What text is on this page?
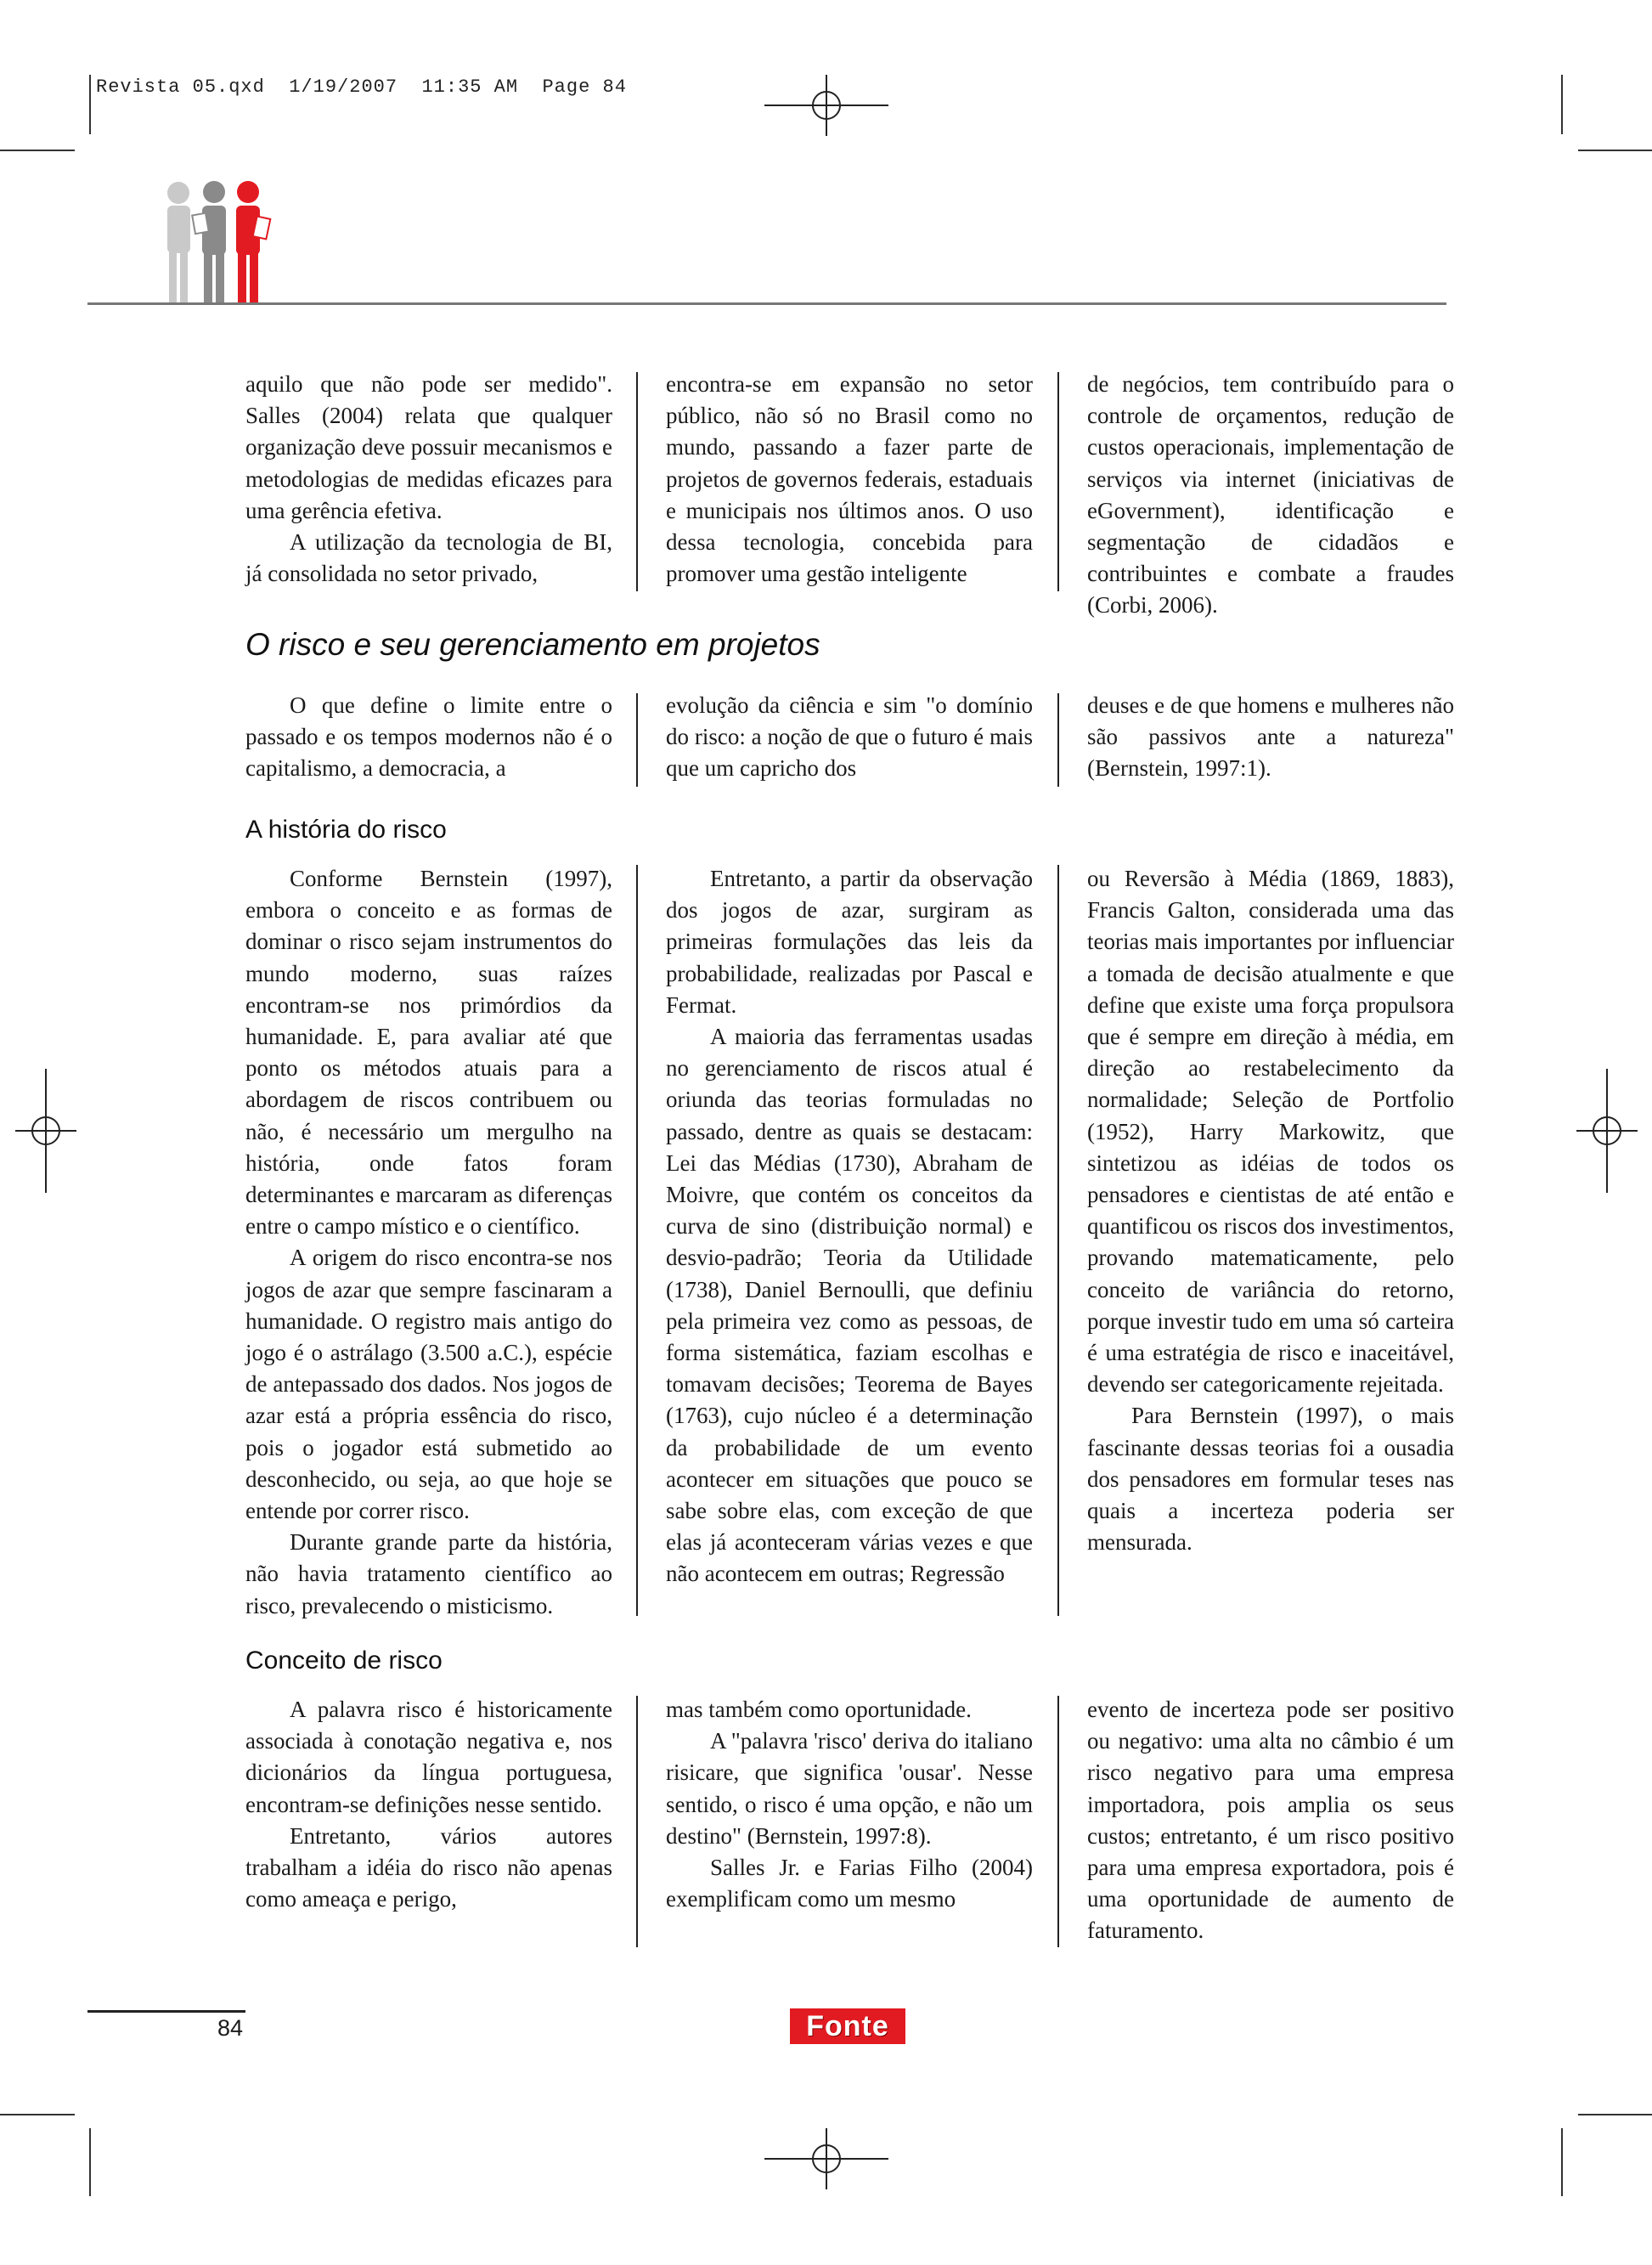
Revista 05.qxd  1/19/2007  11:35 AM  Page 84

aquilo que não pode ser medido". Salles (2004) relata que qualquer organização deve possuir mecanismos e metodologias de medidas eficazes para uma gerência efetiva.

A utilização da tecnologia de BI, já consolidada no setor privado,

encontra-se em expansão no setor público, não só no Brasil como no mundo, passando a fazer parte de projetos de governos federais, estaduais e municipais nos últimos anos. O uso dessa tecnologia, concebida para promover uma gestão inteligente

de negócios, tem contribuído para o controle de orçamentos, redução de custos operacionais, implementação de serviços via internet (iniciativas de eGovernment), identificação e segmentação de cidadãos e contribuintes e combate a fraudes (Corbi, 2006).

O risco e seu gerenciamento em projetos

O que define o limite entre o passado e os tempos modernos não é o capitalismo, a democracia, a

evolução da ciência e sim "o domínio do risco: a noção de que o futuro é mais que um capricho dos

deuses e de que homens e mulheres não são passivos ante a natureza" (Bernstein, 1997:1).

A história do risco

Conforme Bernstein (1997), embora o conceito e as formas de dominar o risco sejam instrumentos do mundo moderno, suas raízes encontram-se nos primórdios da humanidade. E, para avaliar até que ponto os métodos atuais para a abordagem de riscos contribuem ou não, é necessário um mergulho na história, onde fatos foram determinantes e marcaram as diferenças entre o campo místico e o científico.

A origem do risco encontra-se nos jogos de azar que sempre fascinaram a humanidade. O registro mais antigo do jogo é o astrálago (3.500 a.C.), espécie de antepassado dos dados. Nos jogos de azar está a própria essência do risco, pois o jogador está submetido ao desconhecido, ou seja, ao que hoje se entende por correr risco.

Durante grande parte da história, não havia tratamento científico ao risco, prevalecendo o misticismo.

Entretanto, a partir da observação dos jogos de azar, surgiram as primeiras formulações das leis da probabilidade, realizadas por Pascal e Fermat.

A maioria das ferramentas usadas no gerenciamento de riscos atual é oriunda das teorias formuladas no passado, dentre as quais se destacam: Lei das Médias (1730), Abraham de Moivre, que contém os conceitos da curva de sino (distribuição normal) e desvio-padrão; Teoria da Utilidade (1738), Daniel Bernoulli, que definiu pela primeira vez como as pessoas, de forma sistemática, faziam escolhas e tomavam decisões; Teorema de Bayes (1763), cujo núcleo é a determinação da probabilidade de um evento acontecer em situações que pouco se sabe sobre elas, com exceção de que elas já aconteceram várias vezes e que não acontecem em outras; Regressão

ou Reversão à Média (1869, 1883), Francis Galton, considerada uma das teorias mais importantes por influenciar a tomada de decisão atualmente e que define que existe uma força propulsora que é sempre em direção à média, em direção ao restabelecimento da normalidade; Seleção de Portfolio (1952), Harry Markowitz, que sintetizou as idéias de todos os pensadores e cientistas de até então e quantificou os riscos dos investimentos, provando matematicamente, pelo conceito de variância do retorno, porque investir tudo em uma só carteira é uma estratégia de risco e inaceitável, devendo ser categoricamente rejeitada.

Para Bernstein (1997), o mais fascinante dessas teorias foi a ousadia dos pensadores em formular teses nas quais a incerteza poderia ser mensurada.

Conceito de risco

A palavra risco é historicamente associada à conotação negativa e, nos dicionários da língua portuguesa, encontram-se definições nesse sentido.

Entretanto, vários autores trabalham a idéia do risco não apenas como ameaça e perigo,

mas também como oportunidade.

A "palavra 'risco' deriva do italiano risicare, que significa 'ousar'. Nesse sentido, o risco é uma opção, e não um destino" (Bernstein, 1997:8).

Salles Jr. e Farias Filho (2004) exemplificam como um mesmo

evento de incerteza pode ser positivo ou negativo: uma alta no câmbio é um risco negativo para uma empresa importadora, pois amplia os seus custos; entretanto, é um risco positivo para uma empresa exportadora, pois é uma oportunidade de aumento de faturamento.

84	Fonte
